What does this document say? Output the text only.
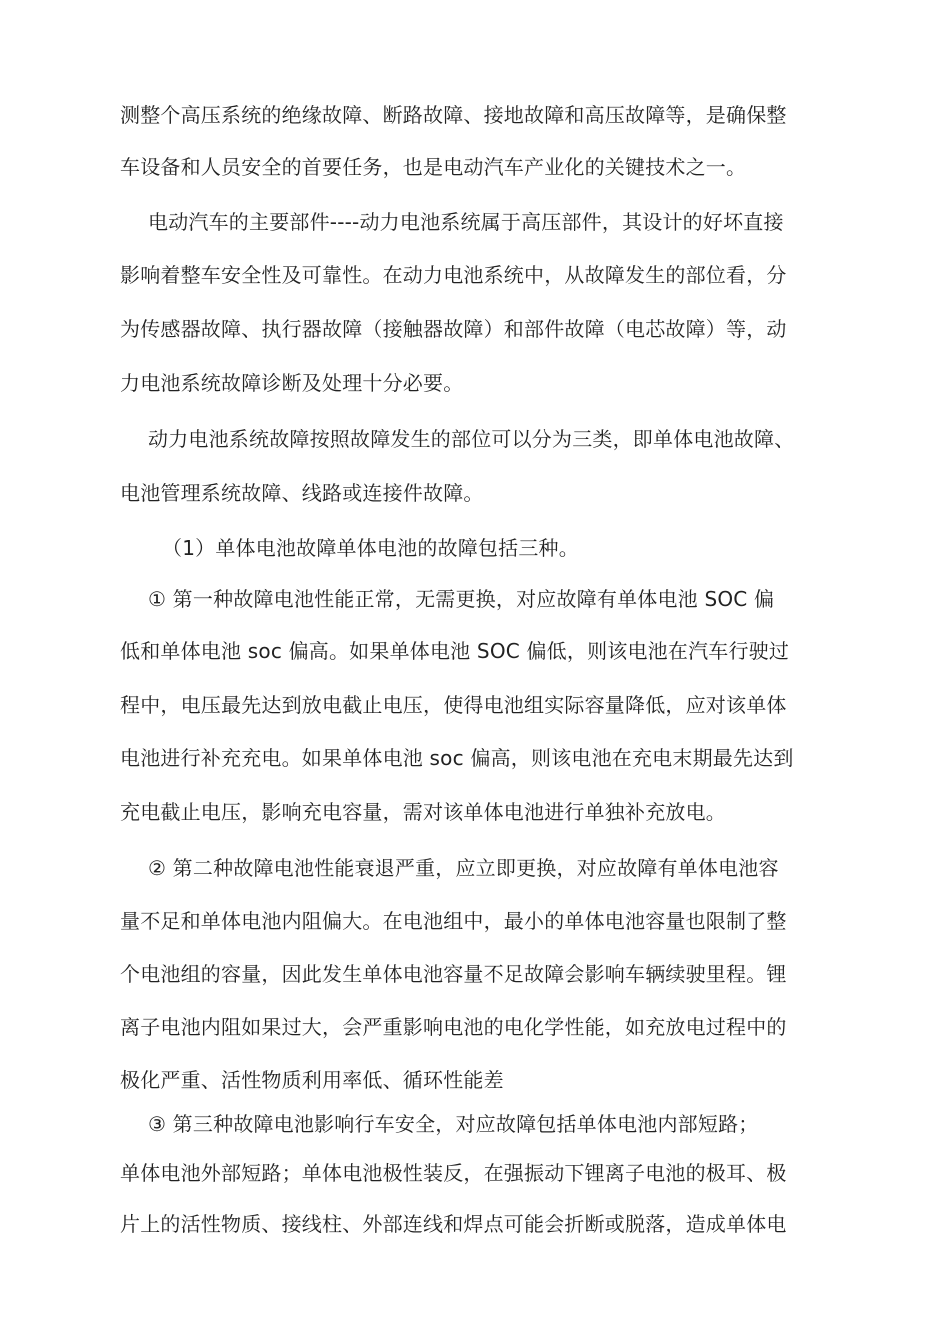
测整个高压系统的绝缘故障、断路故障、接地故障和高压故障等，是确保整
车设备和人员安全的首要任务，也是电动汽车产业化的关键技术之一。
电动汽车的主要部件----动力电池系统属于高压部件，其设计的好坏直接
影响着整车安全性及可靠性。在动力电池系统中，从故障发生的部位看，分
为传感器故障、执行器故障（接触器故障）和部件故障（电芯故障）等，动
力电池系统故障诊断及处理十分必要。
动力电池系统故障按照故障发生的部位可以分为三类，即单体电池故障、
电池管理系统故障、线路或连接件故障。
（1）单体电池故障单体电池的故障包括三种。
① 第一种故障电池性能正常，无需更换，对应故障有单体电池 SOC 偏
低和单体电池 soc 偏高。如果单体电池 SOC 偏低，则该电池在汽车行驶过
程中，电压最先达到放电截止电压，使得电池组实际容量降低，应对该单体
电池进行补充充电。如果单体电池 soc 偏高，则该电池在充电末期最先达到
充电截止电压，影响充电容量，需对该单体电池进行单独补充放电。
② 第二种故障电池性能衰退严重，应立即更换，对应故障有单体电池容
量不足和单体电池内阻偏大。在电池组中，最小的单体电池容量也限制了整
个电池组的容量，因此发生单体电池容量不足故障会影响车辆续驶里程。锂
离子电池内阻如果过大，会严重影响电池的电化学性能，如充放电过程中的
极化严重、活性物质利用率低、循环性能差
③ 第三种故障电池影响行车安全，对应故障包括单体电池内部短路；
单体电池外部短路；单体电池极性装反，在强振动下锂离子电池的极耳、极
片上的活性物质、接线柱、外部连线和焊点可能会折断或脱落，造成单体电
